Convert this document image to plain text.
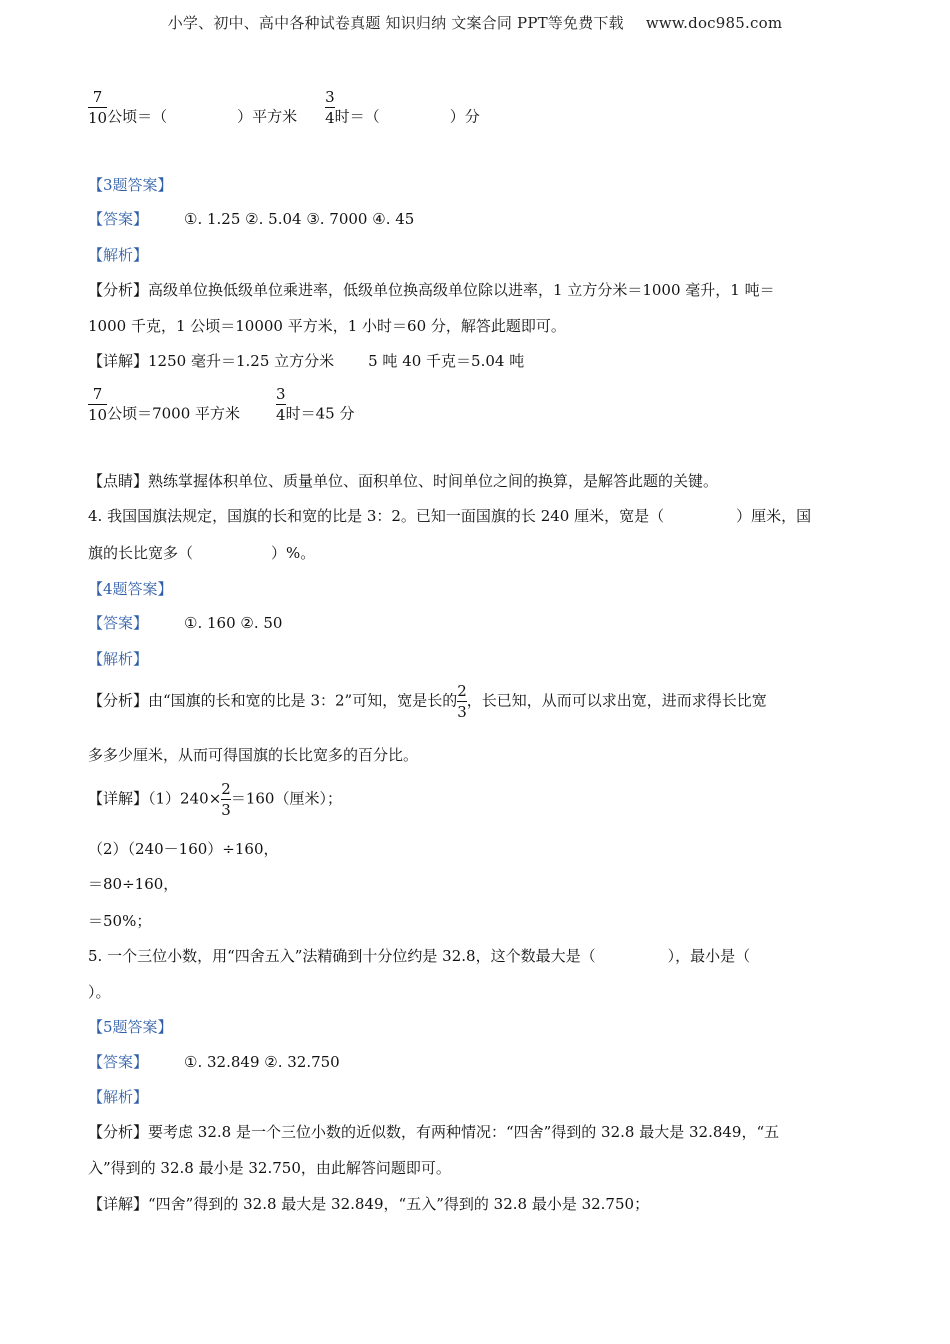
小学、初中、高中各种试卷真题 知识归纳 文案合同 PPT等免费下载 www.doc985.com
$\frac{7}{10}$ 公顷＝（	）平方米 $\frac{3}{4}$ 时＝（	）分
【3题答案】
【答案】 ①. 1.25 ②. 5.04 ③. 7000 ④. 45
【解析】
【分析】高级单位换低级单位乘进率，低级单位换高级单位除以进率，1 立方分米＝1000 毫升，1 吨＝
1000 千克，1 公顷＝10000 平方米，1 小时＝60 分，解答此题即可。
【详解】1250 毫升＝1.25 立方分米 5 吨 40 千克＝5.04 吨
$\frac{7}{10}$ 公顷＝7000 平方米 $\frac{3}{4}$ 时＝45 分
【点睛】熟练掌握体积单位、质量单位、面积单位、时间单位之间的换算，是解答此题的关键。
4. 我国国旗法规定，国旗的长和宽的比是 3：2。已知一面国旗的长 240 厘米，宽是（	）厘米，国
旗的长比宽多（	）%。
【4题答案】
【答案】 ①. 160 ②. 50
【解析】
【分析】由“国旗的长和宽的比是 3：2”可知，宽是长的 $\frac{2}{3}$ ，长已知，从而可以求出宽，进而求得长比宽
多多少厘米，从而可得国旗的长比宽多的百分比。
【详解】$(1)240\times \frac{2}{3} =160$（厘米）；
（2）（240－160）÷160，
＝80÷160，
＝50%；
5. 一个三位小数，用“四舍五入”法精确到十分位约是 32.8，这个数最大是（	），最小是（
）。
【5题答案】
【答案】 ①. 32.849 ②. 32.750
【解析】
【分析】要考虑 32.8 是一个三位小数的近似数，有两种情况：“四舍”得到的 32.8 最大是 32.849，“五
入”得到的 32.8 最小是 32.750，由此解答问题即可。
【详解】“四舍”得到的 32.8 最大是 32.849，“五入”得到的 32.8 最小是 32.750；
